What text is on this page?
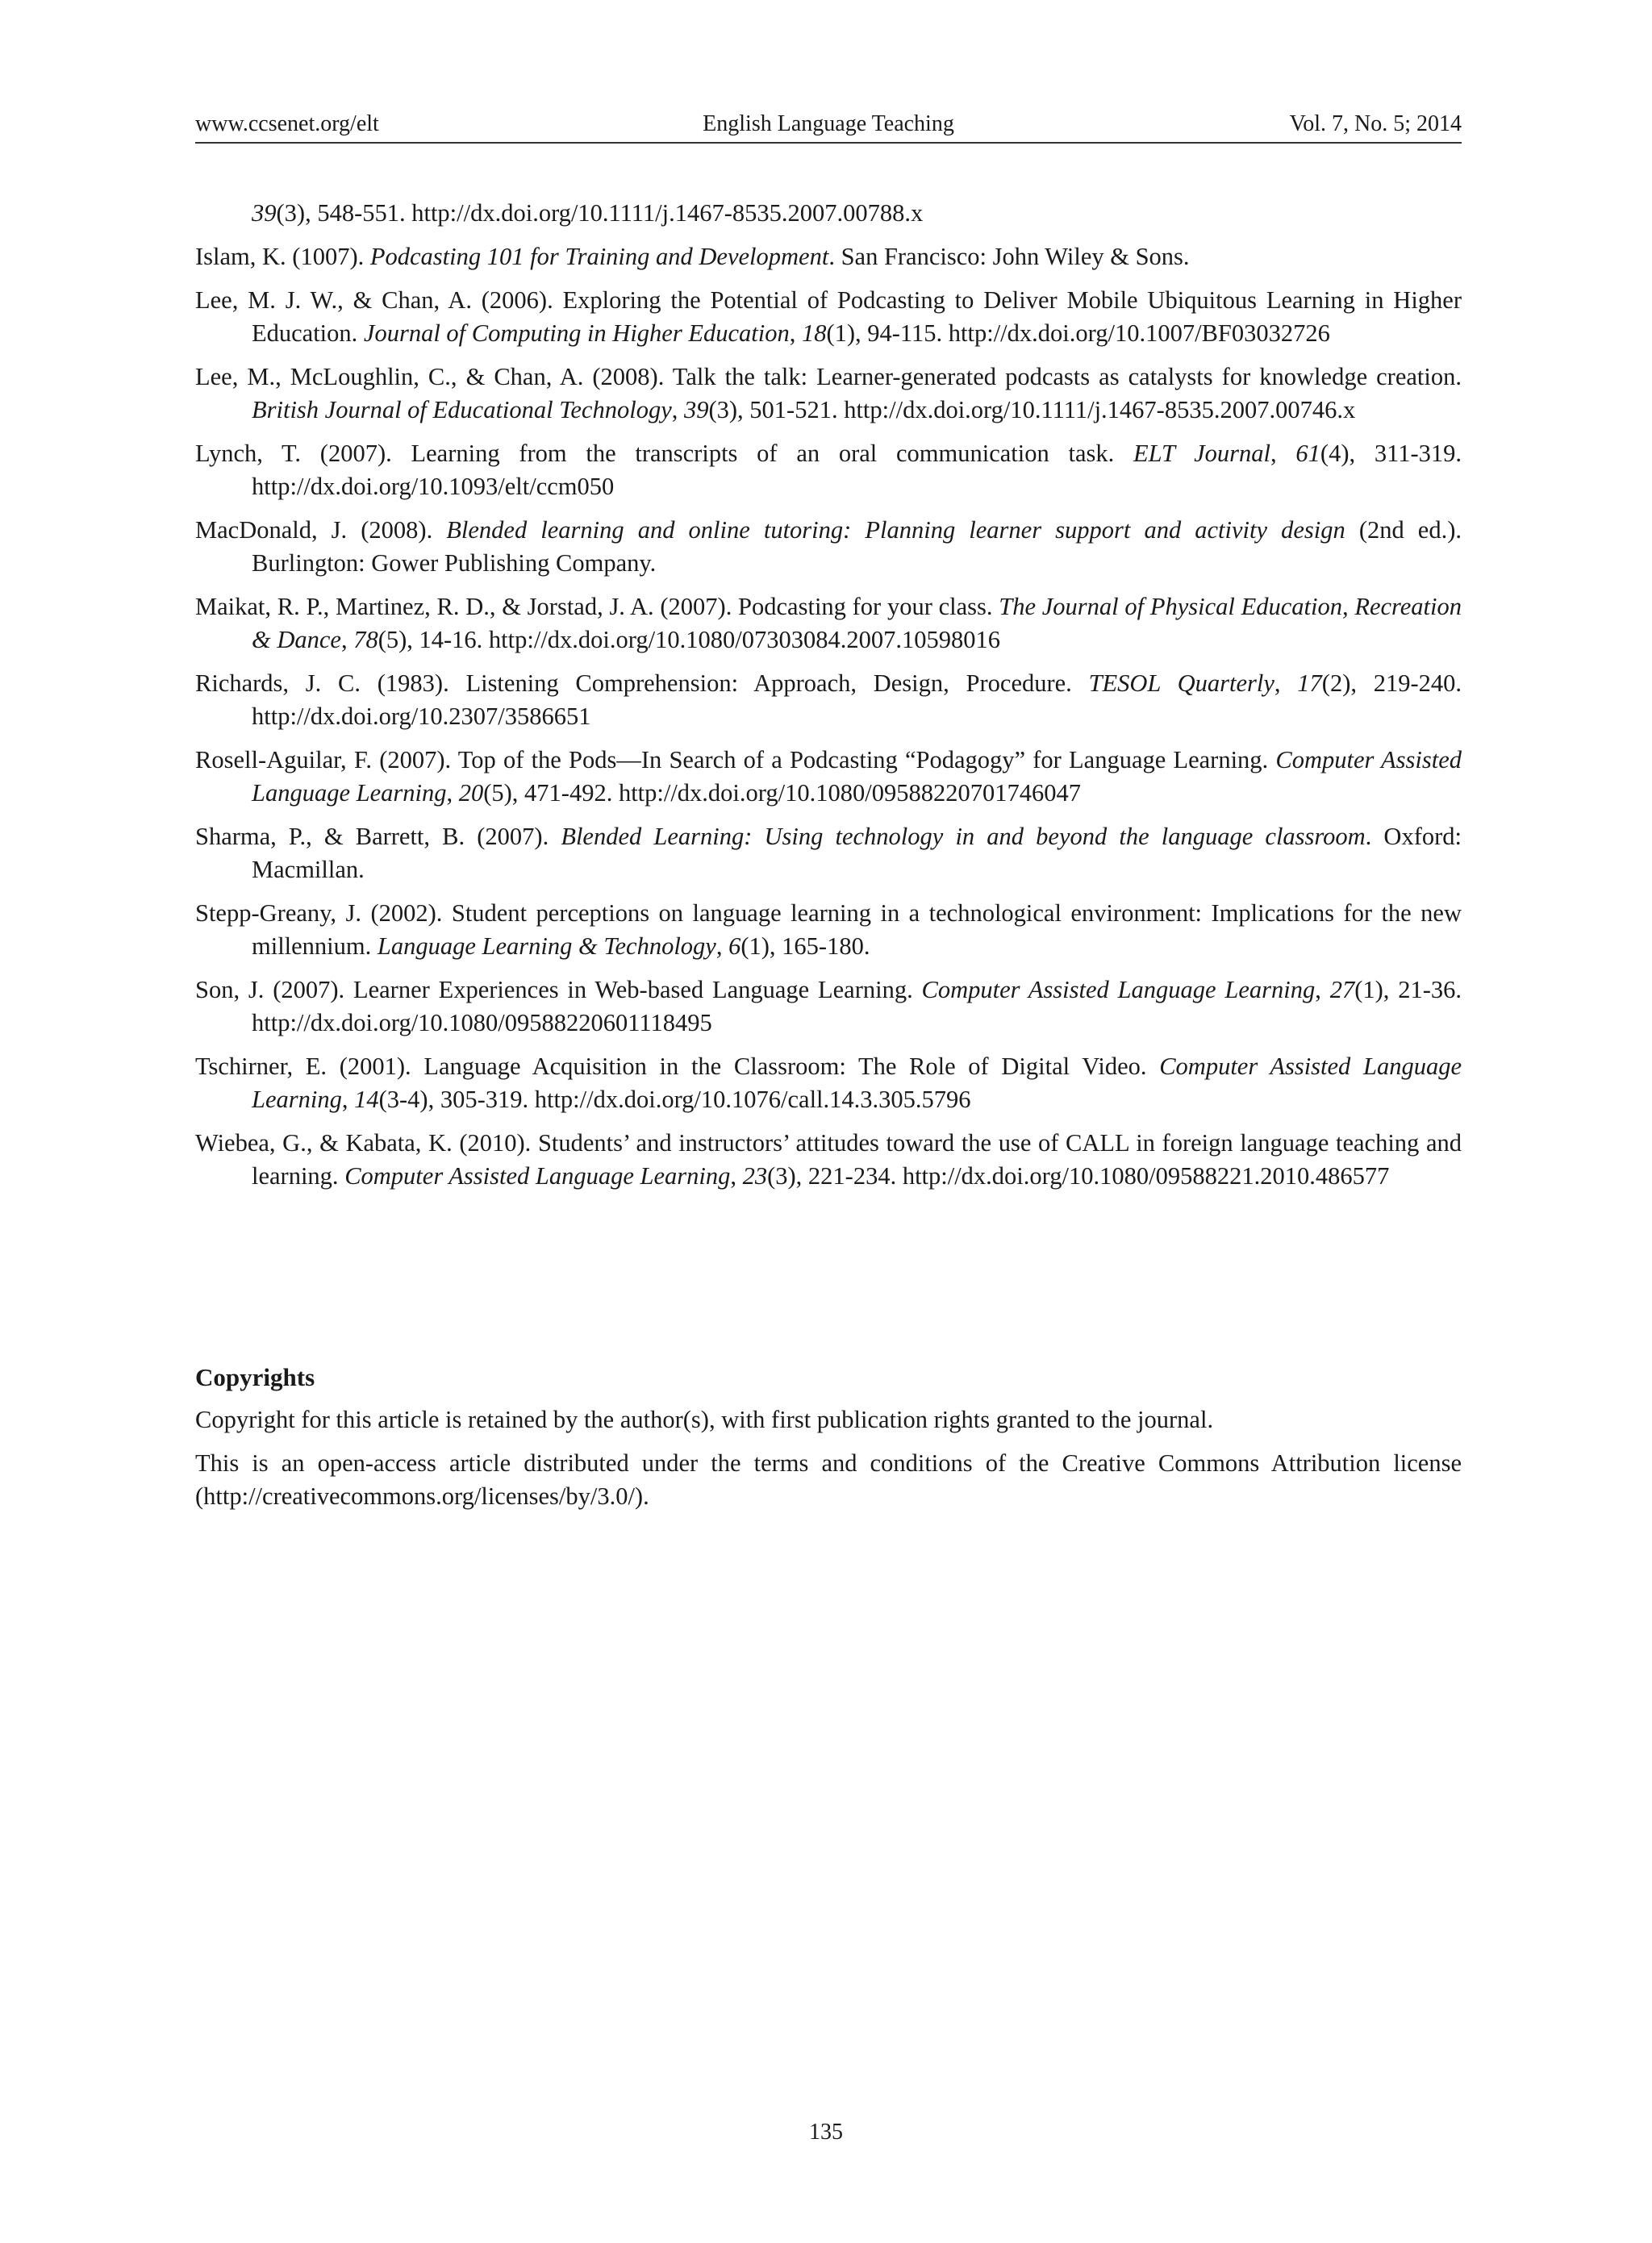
English Language Teaching
www.ccsenet.org/elt	Vol. 7, No. 5; 2014
39(3), 548-551. http://dx.doi.org/10.1111/j.1467-8535.2007.00788.x
Islam, K. (1007). Podcasting 101 for Training and Development. San Francisco: John Wiley & Sons.
Lee, M. J. W., & Chan, A. (2006). Exploring the Potential of Podcasting to Deliver Mobile Ubiquitous Learning in Higher Education. Journal of Computing in Higher Education, 18(1), 94-115. http://dx.doi.org/10.1007/BF03032726
Lee, M., McLoughlin, C., & Chan, A. (2008). Talk the talk: Learner-generated podcasts as catalysts for knowledge creation. British Journal of Educational Technology, 39(3), 501-521. http://dx.doi.org/10.1111/j.1467-8535.2007.00746.x
Lynch, T. (2007). Learning from the transcripts of an oral communication task. ELT Journal, 61(4), 311-319. http://dx.doi.org/10.1093/elt/ccm050
MacDonald, J. (2008). Blended learning and online tutoring: Planning learner support and activity design (2nd ed.). Burlington: Gower Publishing Company.
Maikat, R. P., Martinez, R. D., & Jorstad, J. A. (2007). Podcasting for your class. The Journal of Physical Education, Recreation & Dance, 78(5), 14-16. http://dx.doi.org/10.1080/07303084.2007.10598016
Richards, J. C. (1983). Listening Comprehension: Approach, Design, Procedure. TESOL Quarterly, 17(2), 219-240. http://dx.doi.org/10.2307/3586651
Rosell-Aguilar, F. (2007). Top of the Pods—In Search of a Podcasting “Podagogy” for Language Learning. Computer Assisted Language Learning, 20(5), 471-492. http://dx.doi.org/10.1080/09588220701746047
Sharma, P., & Barrett, B. (2007). Blended Learning: Using technology in and beyond the language classroom. Oxford: Macmillan.
Stepp-Greany, J. (2002). Student perceptions on language learning in a technological environment: Implications for the new millennium. Language Learning & Technology, 6(1), 165-180.
Son, J. (2007). Learner Experiences in Web-based Language Learning. Computer Assisted Language Learning, 27(1), 21-36. http://dx.doi.org/10.1080/09588220601118495
Tschirner, E. (2001). Language Acquisition in the Classroom: The Role of Digital Video. Computer Assisted Language Learning, 14(3-4), 305-319. http://dx.doi.org/10.1076/call.14.3.305.5796
Wiebea, G., & Kabata, K. (2010). Students’ and instructors’ attitudes toward the use of CALL in foreign language teaching and learning. Computer Assisted Language Learning, 23(3), 221-234. http://dx.doi.org/10.1080/09588221.2010.486577
Copyrights

Copyright for this article is retained by the author(s), with first publication rights granted to the journal.

This is an open-access article distributed under the terms and conditions of the Creative Commons Attribution license (http://creativecommons.org/licenses/by/3.0/).

135
